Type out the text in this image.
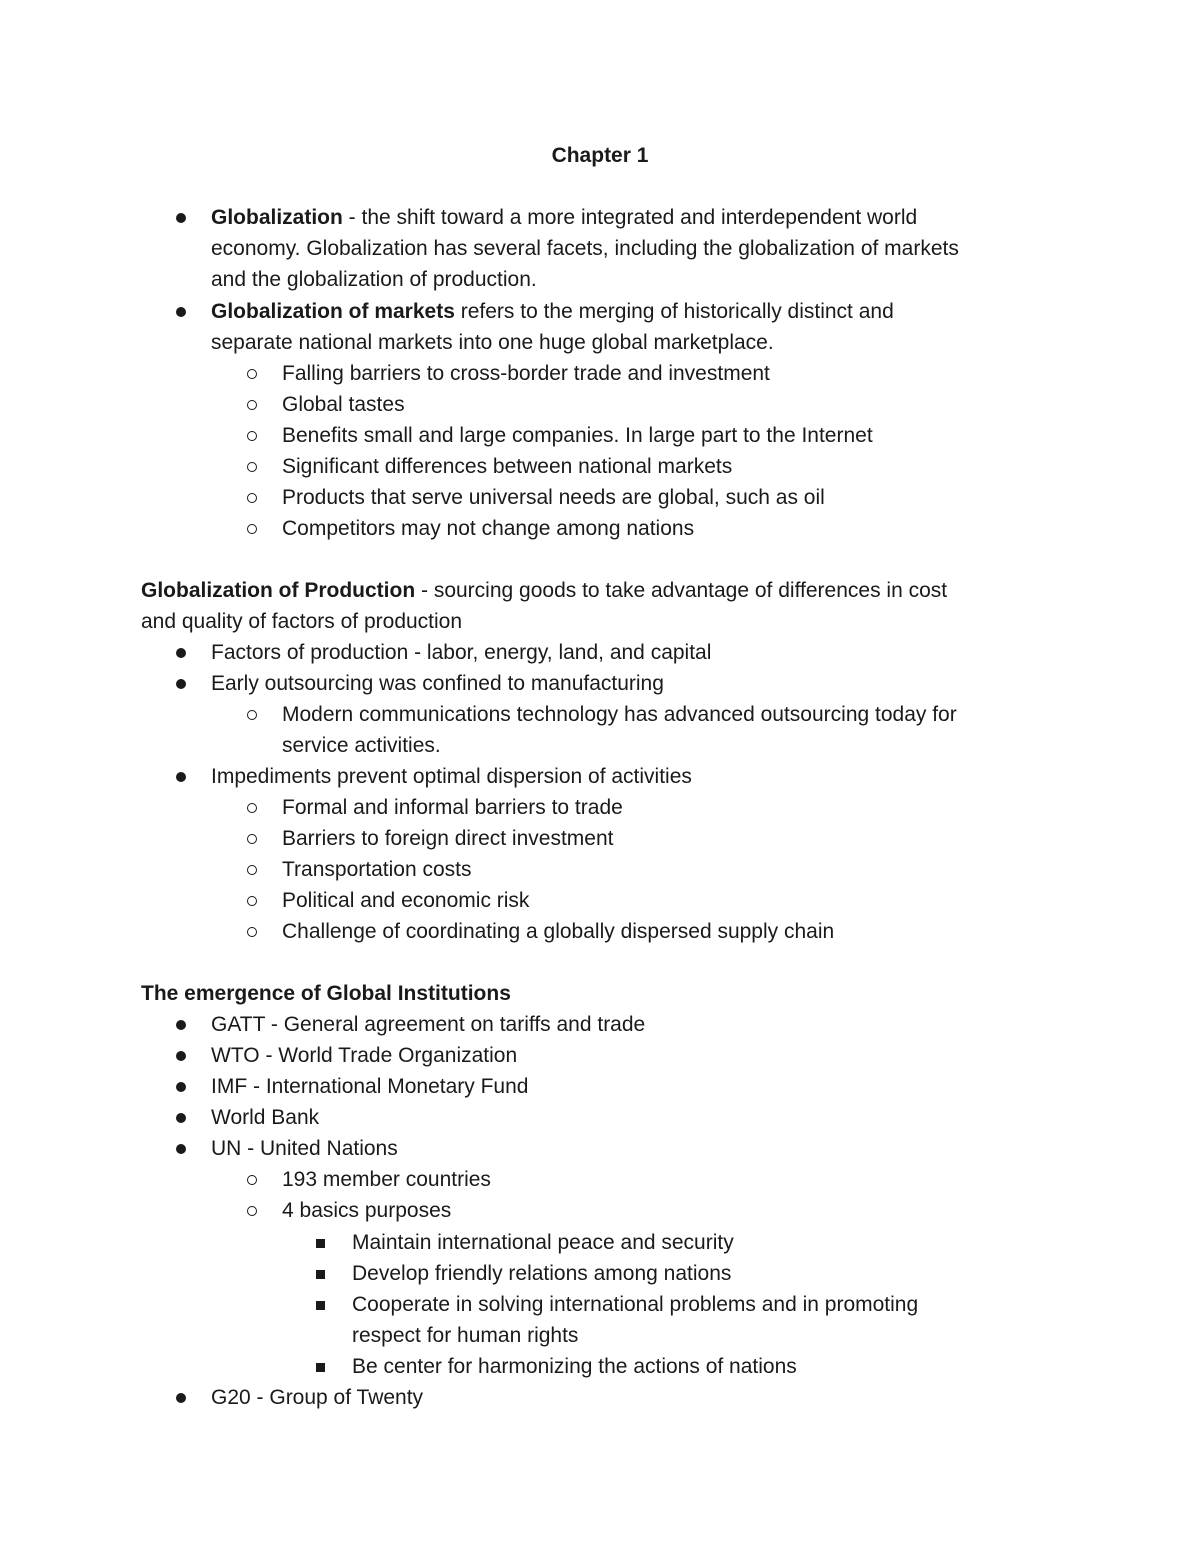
Chapter 1
Globalization - the shift toward a more integrated and interdependent world
economy. Globalization has several facets, including the globalization of markets
and the globalization of production.
Globalization of markets refers to the merging of historically distinct and
separate national markets into one huge global marketplace.
Falling barriers to cross-border trade and investment
Global tastes
Benefits small and large companies. In large part to the Internet
Significant differences between national markets
Products that serve universal needs are global, such as oil
Competitors may not change among nations
Globalization of Production - sourcing goods to take advantage of differences in cost
and quality of factors of production
Factors of production - labor, energy, land, and capital
Early outsourcing was confined to manufacturing
Modern communications technology has advanced outsourcing today for
service activities.
Impediments prevent optimal dispersion of activities
Formal and informal barriers to trade
Barriers to foreign direct investment
Transportation costs
Political and economic risk
Challenge of coordinating a globally dispersed supply chain
The emergence of Global Institutions
GATT - General agreement on tariffs and trade
WTO - World Trade Organization
IMF - International Monetary Fund
World Bank
UN - United Nations
193 member countries
4 basics purposes
Maintain international peace and security
Develop friendly relations among nations
Cooperate in solving international problems and in promoting
respect for human rights
Be center for harmonizing the actions of nations
G20 - Group of Twenty
